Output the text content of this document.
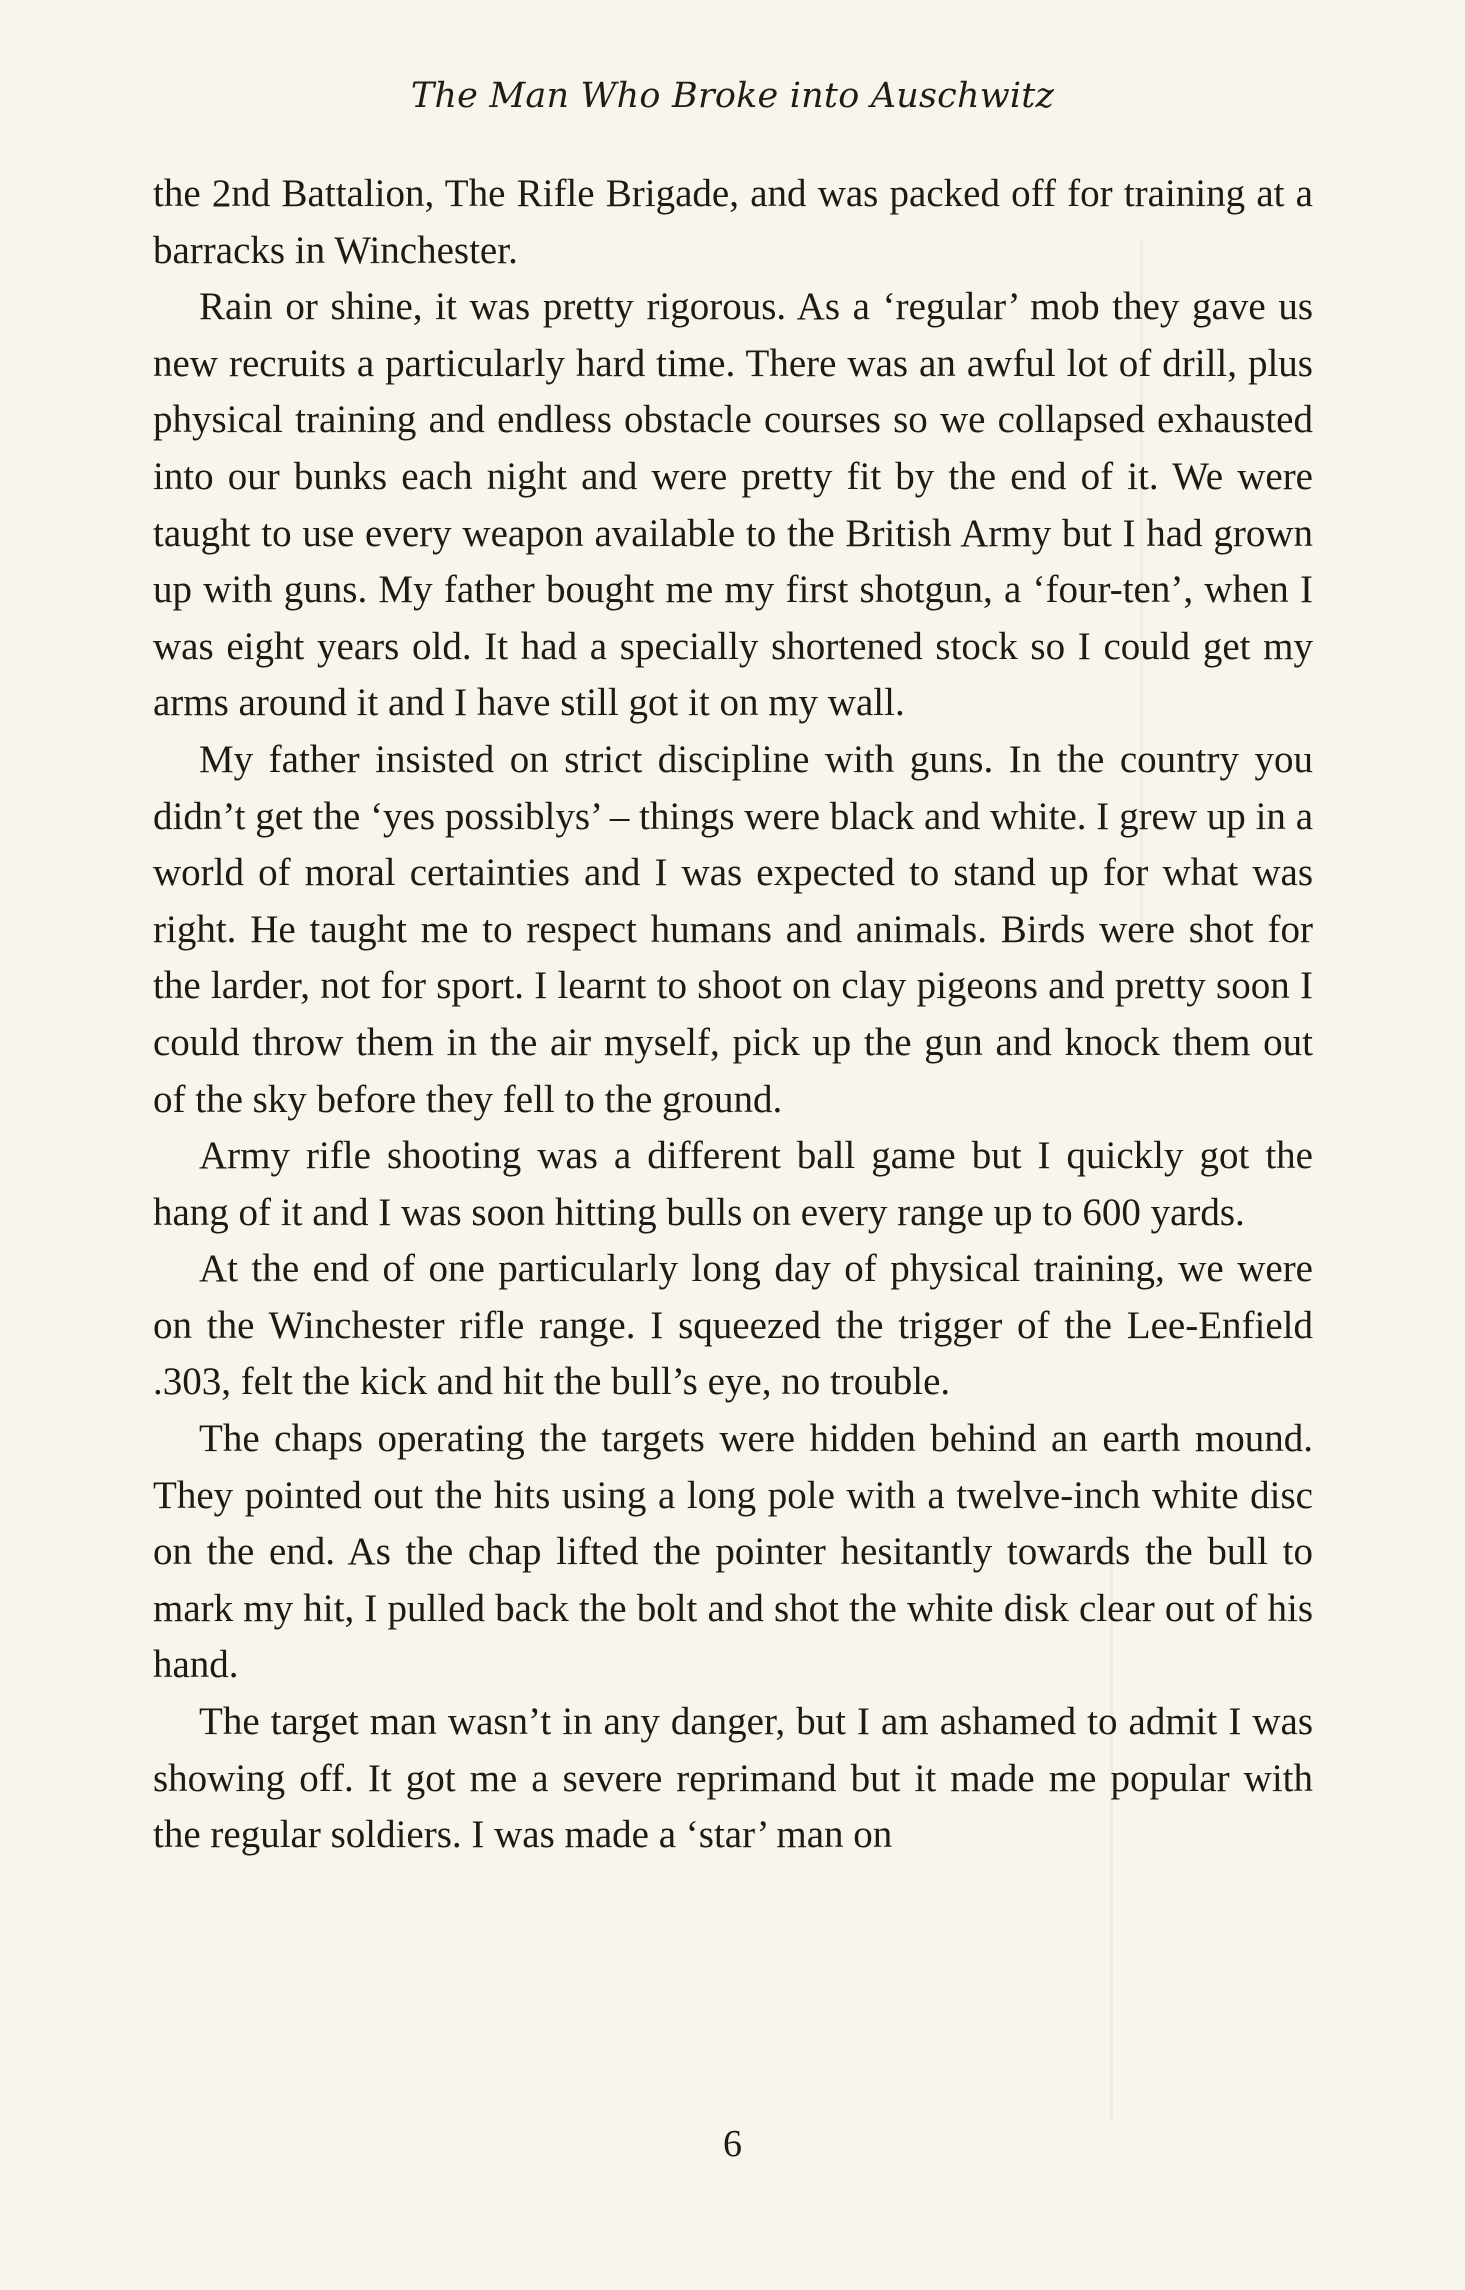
The Man Who Broke into Auschwitz

the 2nd Battalion, The Rifle Brigade, and was packed off for training at a barracks in Winchester.

Rain or shine, it was pretty rigorous. As a ‘regular’ mob they gave us new recruits a particularly hard time. There was an awful lot of drill, plus physical training and endless obstacle courses so we collapsed exhausted into our bunks each night and were pretty fit by the end of it. We were taught to use every weapon available to the British Army but I had grown up with guns. My father bought me my first shotgun, a ‘four-ten’, when I was eight years old. It had a specially shortened stock so I could get my arms around it and I have still got it on my wall.

My father insisted on strict discipline with guns. In the country you didn’t get the ‘yes possiblys’ – things were black and white. I grew up in a world of moral certainties and I was expected to stand up for what was right. He taught me to respect humans and animals. Birds were shot for the larder, not for sport. I learnt to shoot on clay pigeons and pretty soon I could throw them in the air myself, pick up the gun and knock them out of the sky before they fell to the ground.

Army rifle shooting was a different ball game but I quickly got the hang of it and I was soon hitting bulls on every range up to 600 yards.

At the end of one particularly long day of physical training, we were on the Winchester rifle range. I squeezed the trigger of the Lee-Enfield .303, felt the kick and hit the bull’s eye, no trouble.

The chaps operating the targets were hidden behind an earth mound. They pointed out the hits using a long pole with a twelve-inch white disc on the end. As the chap lifted the pointer hesitantly towards the bull to mark my hit, I pulled back the bolt and shot the white disk clear out of his hand.

The target man wasn’t in any danger, but I am ashamed to admit I was showing off. It got me a severe reprimand but it made me popular with the regular soldiers. I was made a ‘star’ man on

6
